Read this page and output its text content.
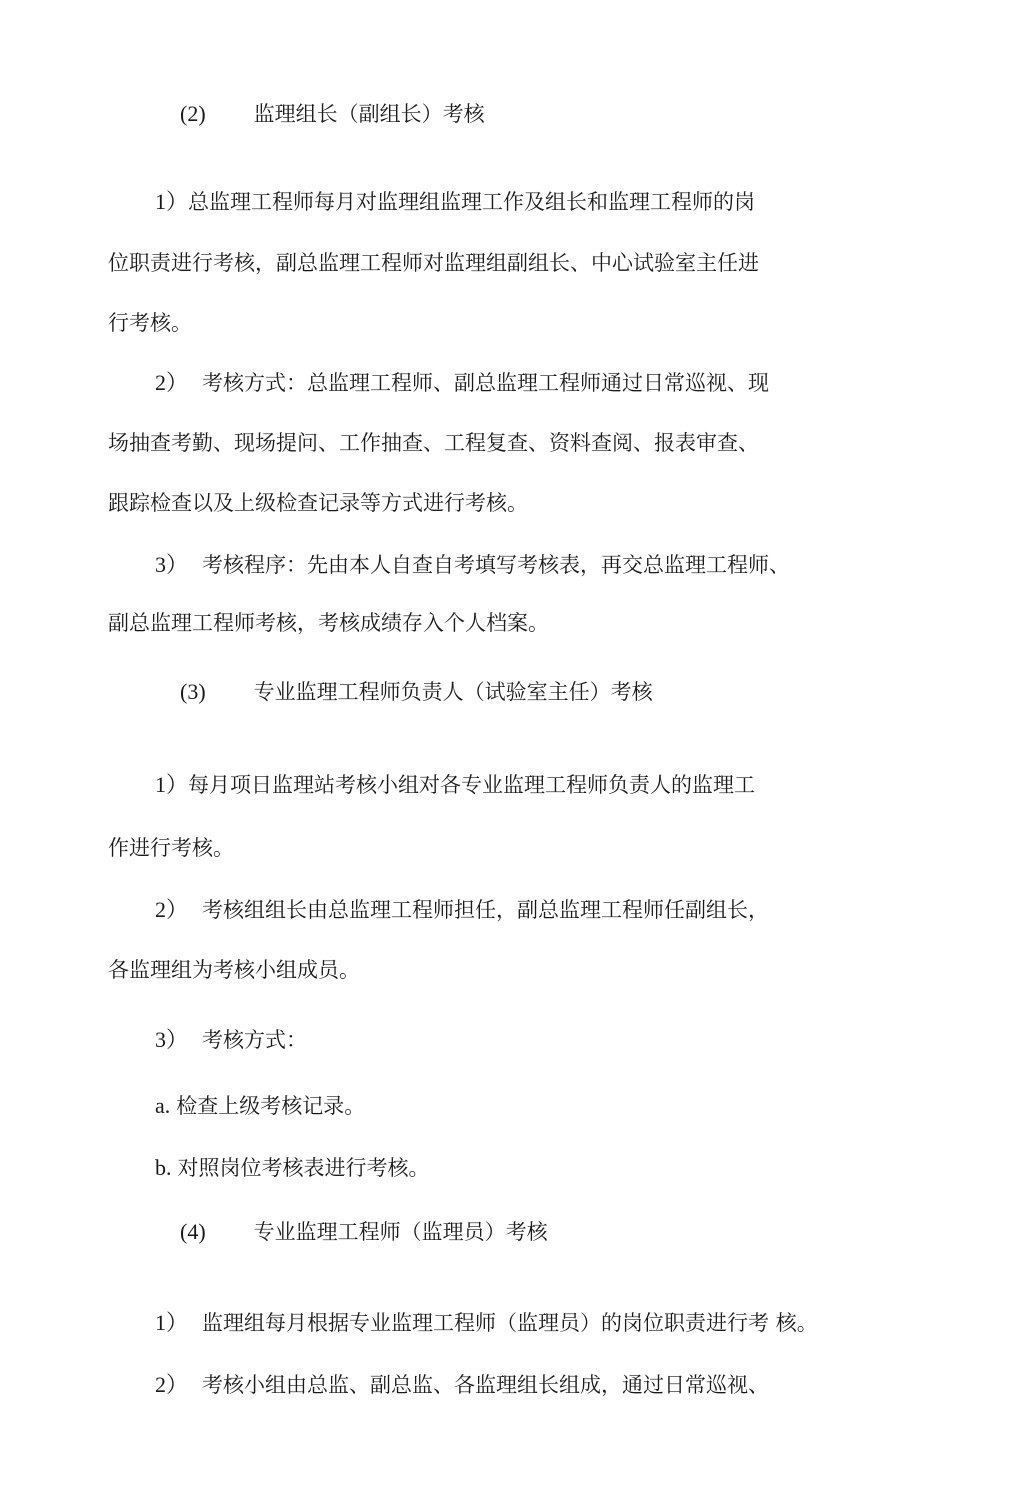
(2) 监理组长（副组长）考核
1）总监理工程师每月对监理组监理工作及组长和监理工程师的岗
位职责进行考核，副总监理工程师对监理组副组长、中心试验室主任进
行考核。
2） 考核方式：总监理工程师、副总监理工程师通过日常巡视、现
场抽查考勤、现场提问、工作抽查、工程复查、资料查阅、报表审查、
跟踪检查以及上级检查记录等方式进行考核。
3） 考核程序：先由本人自查自考填写考核表，再交总监理工程师、
副总监理工程师考核，考核成绩存入个人档案。
(3) 专业监理工程师负责人（试验室主任）考核
1）每月项日监理站考核小组对各专业监理工程师负责人的监理工
作进行考核。
2） 考核组组长由总监理工程师担任，副总监理工程师任副组长，
各监理组为考核小组成员。
3） 考核方式：
a. 检查上级考核记录。
b. 对照岗位考核表进行考核。
(4) 专业监理工程师（监理员）考核
1） 监理组每月根据专业监理工程师（监理员）的岗位职责进行考 核。
2） 考核小组由总监、副总监、各监理组长组成，通过日常巡视、
